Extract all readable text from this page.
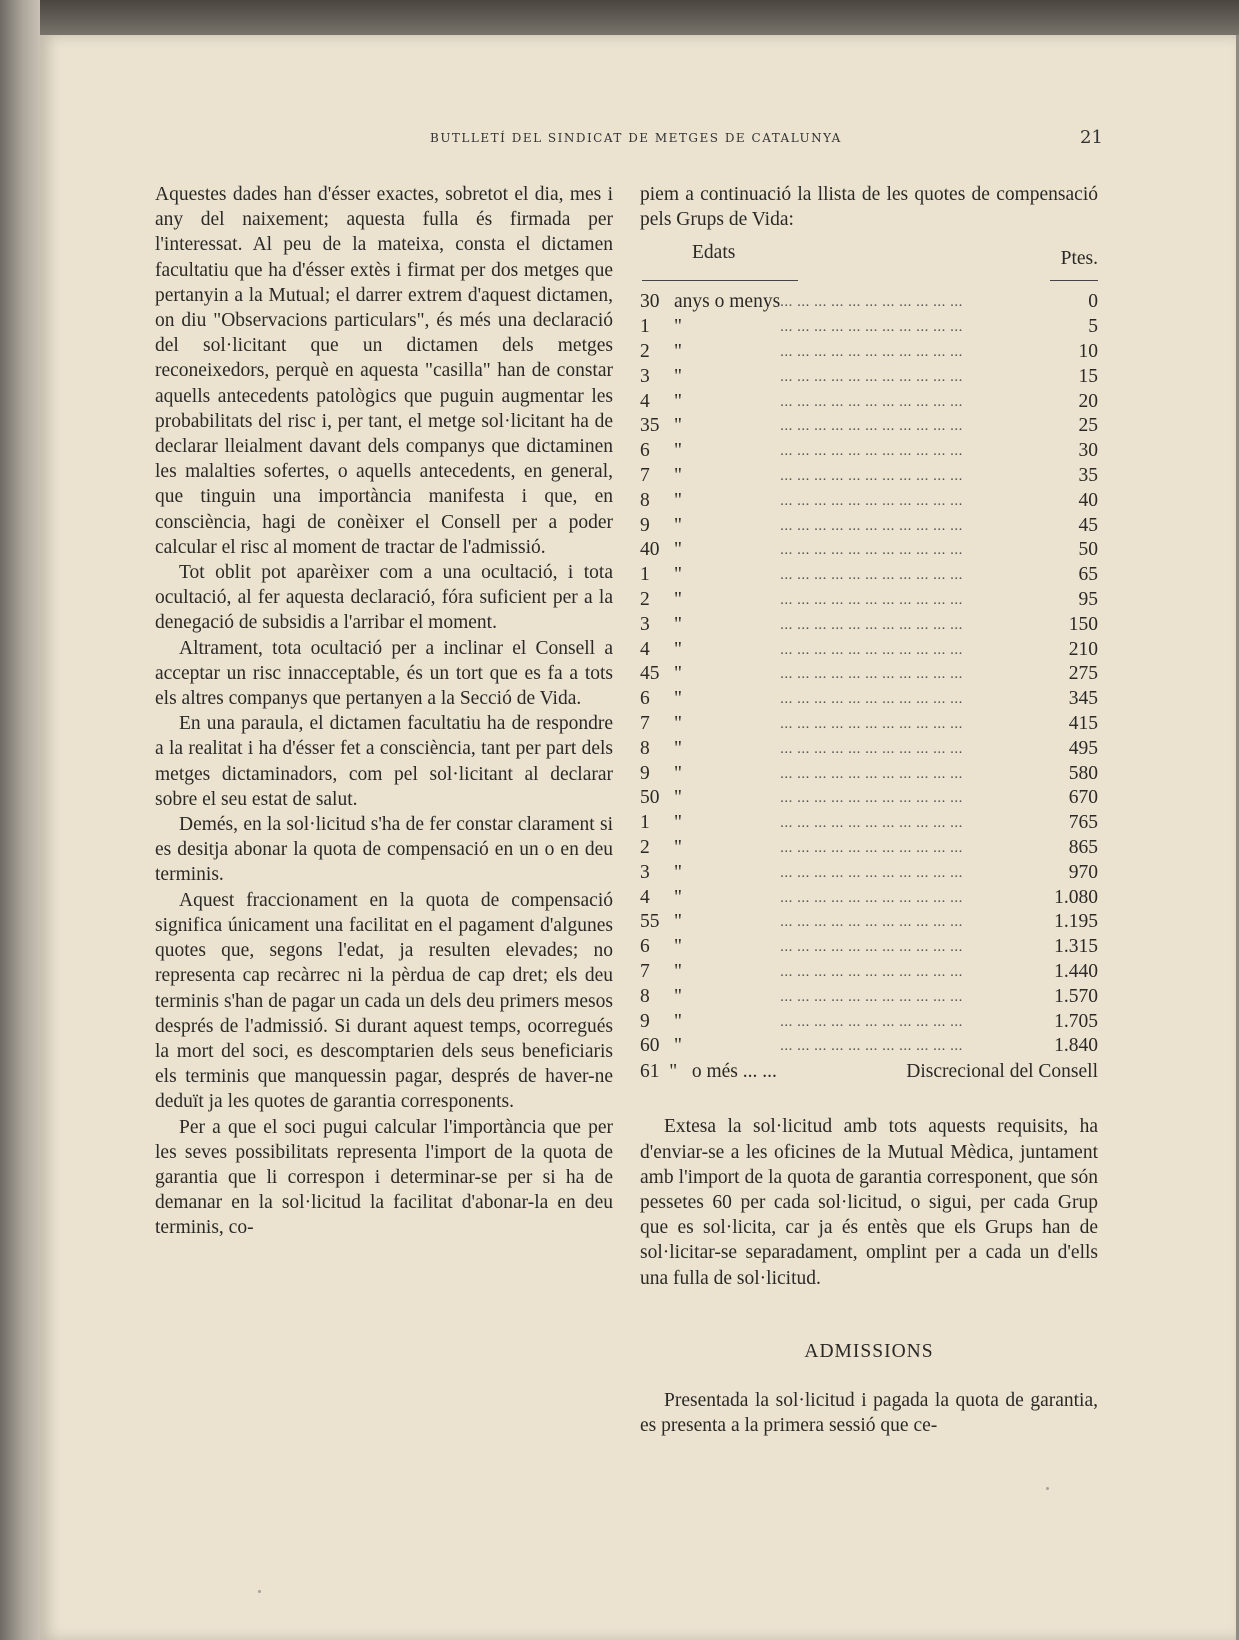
BUTLLETÍ DEL SINDICAT DE METGES DE CATALUNYA	21

Aquestes dades han d'ésser exactes, sobretot el dia, mes i any del naixement; aquesta fulla és firmada per l'interessat. Al peu de la mateixa, consta el dictamen facultatiu que ha d'ésser extès i firmat per dos metges que pertanyin a la Mutual; el darrer extrem d'aquest dictamen, on diu "Observacions particulars", és més una declaració del sol·licitant que un dictamen dels metges reconeixedors, perquè en aquesta "casilla" han de constar aquells antecedents patològics que puguin augmentar les probabilitats del risc i, per tant, el metge sol·licitant ha de declarar lleialment davant dels companys que dictaminen les malalties sofertes, o aquells antecedents, en general, que tinguin una importància manifesta i que, en consciència, hagi de conèixer el Consell per a poder calcular el risc al moment de tractar de l'admissió.

Tot oblit pot aparèixer com a una ocultació, i tota ocultació, al fer aquesta declaració, fóra suficient per a la denegació de subsidis a l'arribar el moment.

Altrament, tota ocultació per a inclinar el Consell a acceptar un risc innacceptable, és un tort que es fa a tots els altres companys que pertanyen a la Secció de Vida.

En una paraula, el dictamen facultatiu ha de respondre a la realitat i ha d'ésser fet a consciència, tant per part dels metges dictaminadors, com pel sol·licitant al declarar sobre el seu estat de salut.

Demés, en la sol·licitud s'ha de fer constar clarament si es desitja abonar la quota de compensació en un o en deu terminis.

Aquest fraccionament en la quota de compensació significa únicament una facilitat en el pagament d'algunes quotes que, segons l'edat, ja resulten elevades; no representa cap recàrrec ni la pèrdua de cap dret; els deu terminis s'han de pagar un cada un dels deu primers mesos després de l'admissió. Si durant aquest temps, ocorregués la mort del soci, es descomptarien dels seus beneficiaris els terminis que manquessin pagar, després de haver-ne deduït ja les quotes de garantia corresponents.

Per a que el soci pugui calcular l'importància que per les seves possibilitats representa l'import de la quota de garantia que li correspon i determinar-se per si ha de demanar en la sol·licitud la facilitat d'abonar-la en deu terminis, co-

piem a continuació la llista de les quotes de compensació pels Grups de Vida:

Edats	Ptes.
30	anys o menys	... ... ... ... ... ... ... ... ... ... ...	0
1	"	... ... ... ... ... ... ... ... ... ... ...	5
2	"	... ... ... ... ... ... ... ... ... ... ...	10
3	"	... ... ... ... ... ... ... ... ... ... ...	15
4	"	... ... ... ... ... ... ... ... ... ... ...	20
35	"	... ... ... ... ... ... ... ... ... ... ...	25
6	"	... ... ... ... ... ... ... ... ... ... ...	30
7	"	... ... ... ... ... ... ... ... ... ... ...	35
8	"	... ... ... ... ... ... ... ... ... ... ...	40
9	"	... ... ... ... ... ... ... ... ... ... ...	45
40	"	... ... ... ... ... ... ... ... ... ... ...	50
1	"	... ... ... ... ... ... ... ... ... ... ...	65
2	"	... ... ... ... ... ... ... ... ... ... ...	95
3	"	... ... ... ... ... ... ... ... ... ... ...	150
4	"	... ... ... ... ... ... ... ... ... ... ...	210
45	"	... ... ... ... ... ... ... ... ... ... ...	275
6	"	... ... ... ... ... ... ... ... ... ... ...	345
7	"	... ... ... ... ... ... ... ... ... ... ...	415
8	"	... ... ... ... ... ... ... ... ... ... ...	495
9	"	... ... ... ... ... ... ... ... ... ... ...	580
50	"	... ... ... ... ... ... ... ... ... ... ...	670
1	"	... ... ... ... ... ... ... ... ... ... ...	765
2	"	... ... ... ... ... ... ... ... ... ... ...	865
3	"	... ... ... ... ... ... ... ... ... ... ...	970
4	"	... ... ... ... ... ... ... ... ... ... ...	1.080
55	"	... ... ... ... ... ... ... ... ... ... ...	1.195
6	"	... ... ... ... ... ... ... ... ... ... ...	1.315
7	"	... ... ... ... ... ... ... ... ... ... ...	1.440
8	"	... ... ... ... ... ... ... ... ... ... ...	1.570
9	"	... ... ... ... ... ... ... ... ... ... ...	1.705
60	"	... ... ... ... ... ... ... ... ... ... ...	1.840
61 " o més ... ...	Discrecional del Consell

Extesa la sol·licitud amb tots aquests requisits, ha d'enviar-se a les oficines de la Mutual Mèdica, juntament amb l'import de la quota de garantia corresponent, que són pessetes 60 per cada sol·licitud, o sigui, per cada Grup que es sol·licita, car ja és entès que els Grups han de sol·licitar-se separadament, omplint per a cada un d'ells una fulla de sol·licitud.

ADMISSIONS

Presentada la sol·licitud i pagada la quota de garantia, es presenta a la primera sessió que ce-
